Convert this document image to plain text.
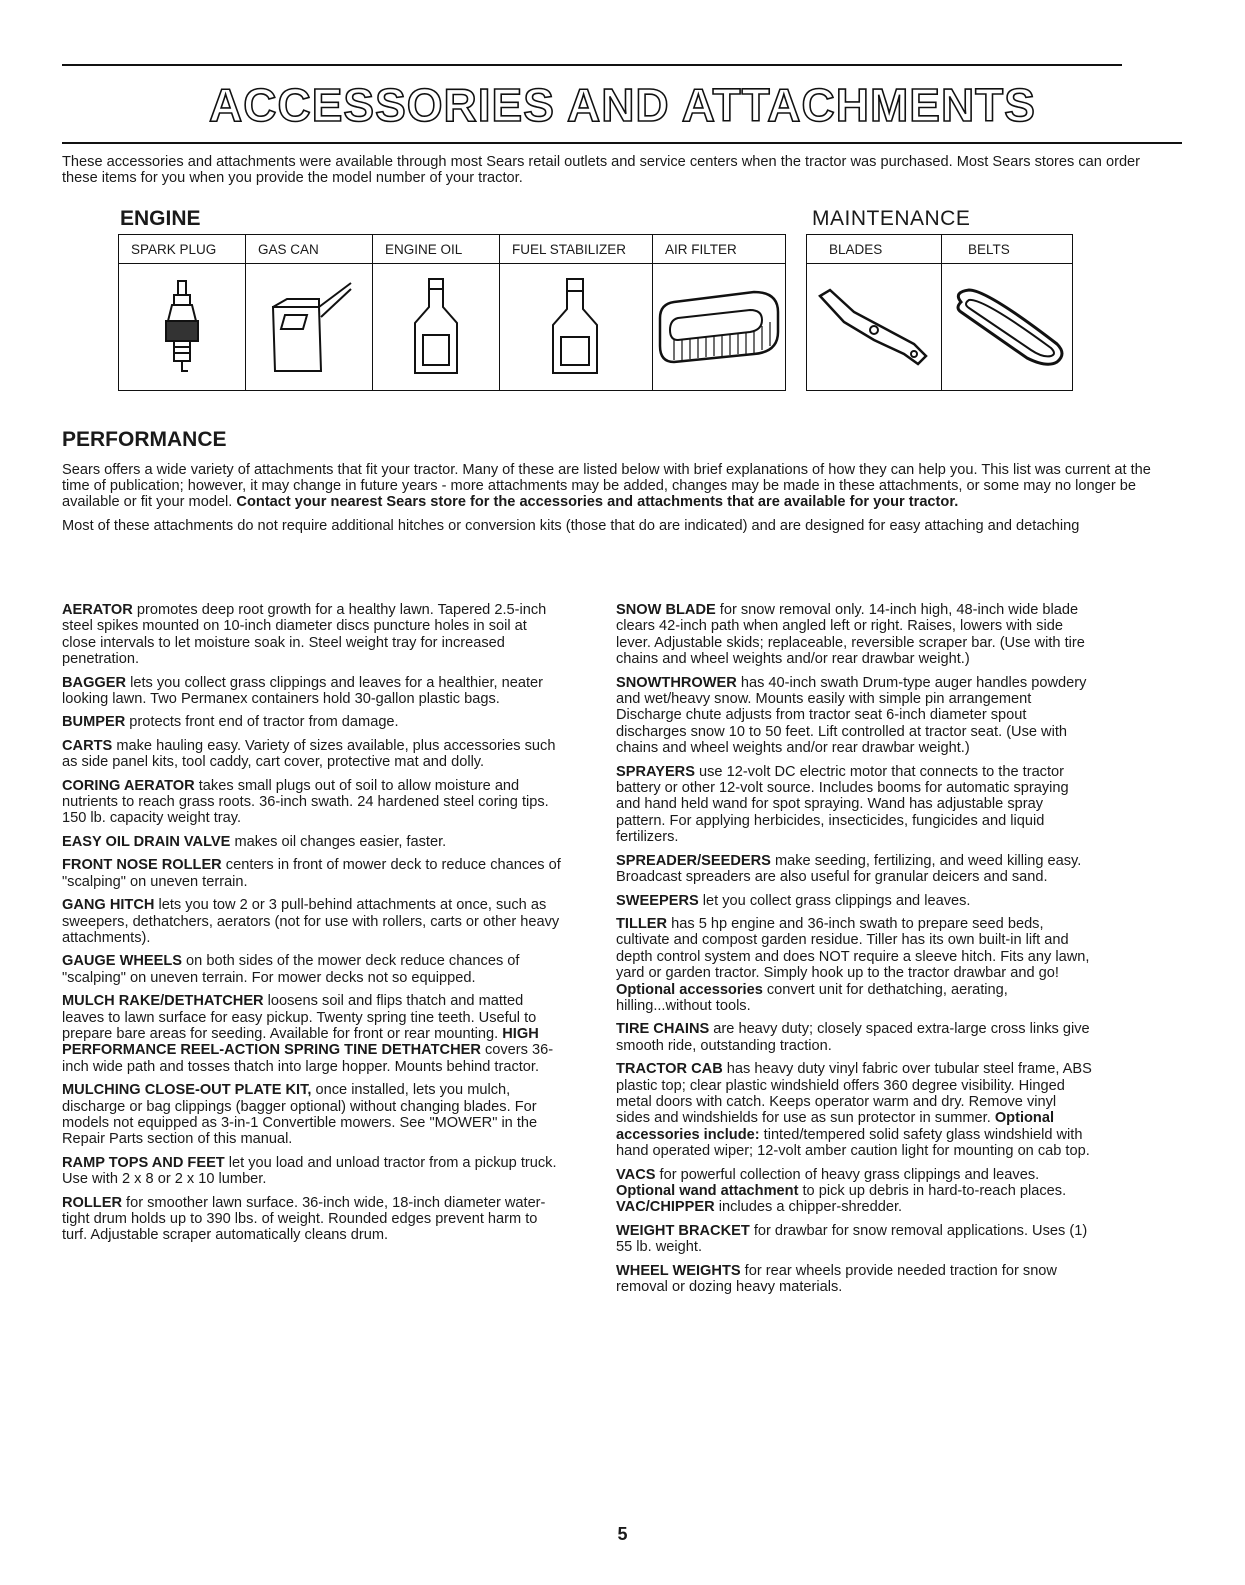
ACCESSORIES AND ATTACHMENTS
These accessories and attachments were available through most Sears retail outlets and service centers when the tractor was purchased. Most Sears stores can order these items for you when you provide the model number of your tractor.
ENGINE	MAINTENANCE
SPARK PLUG	GAS CAN	ENGINE OIL	FUEL STABILIZER	AIR FILTER

		BLADES	BELTS

PERFORMANCE

Sears offers a wide variety of attachments that fit your tractor. Many of these are listed below with brief explanations of how they can help you. This list was current at the time of publication; however, it may change in future years - more attachments may be added, changes may be made in these attachments, or some may no longer be available or fit your model. Contact your nearest Sears store for the accessories and attachments that are available for your tractor.

Most of these attachments do not require additional hitches or conversion kits (those that do are indicated) and are designed for easy attaching and detaching

AERATOR promotes deep root growth for a healthy lawn. Tapered 2.5-inch steel spikes mounted on 10-inch diameter discs puncture holes in soil at close intervals to let moisture soak in. Steel weight tray for increased penetration.

BAGGER lets you collect grass clippings and leaves for a healthier, neater looking lawn. Two Permanex containers hold 30-gallon plastic bags.

BUMPER protects front end of tractor from damage.

CARTS make hauling easy. Variety of sizes available, plus accessories such as side panel kits, tool caddy, cart cover, protective mat and dolly.

CORING AERATOR takes small plugs out of soil to allow moisture and nutrients to reach grass roots. 36-inch swath. 24 hardened steel coring tips. 150 lb. capacity weight tray.

EASY OIL DRAIN VALVE makes oil changes easier, faster.

FRONT NOSE ROLLER centers in front of mower deck to reduce chances of "scalping" on uneven terrain.

GANG HITCH lets you tow 2 or 3 pull-behind attachments at once, such as sweepers, dethatchers, aerators (not for use with rollers, carts or other heavy attachments).

GAUGE WHEELS on both sides of the mower deck reduce chances of "scalping" on uneven terrain. For mower decks not so equipped.

MULCH RAKE/DETHATCHER loosens soil and flips thatch and matted leaves to lawn surface for easy pickup. Twenty spring tine teeth. Useful to prepare bare areas for seeding. Available for front or rear mounting. HIGH PERFORMANCE REEL-ACTION SPRING TINE DETHATCHER covers 36-inch wide path and tosses thatch into large hopper. Mounts behind tractor.

MULCHING CLOSE-OUT PLATE KIT, once installed, lets you mulch, discharge or bag clippings (bagger optional) without changing blades. For models not equipped as 3-in-1 Convertible mowers. See "MOWER" in the Repair Parts section of this manual.

RAMP TOPS AND FEET let you load and unload tractor from a pickup truck. Use with 2 x 8 or 2 x 10 lumber.

ROLLER for smoother lawn surface. 36-inch wide, 18-inch diameter water-tight drum holds up to 390 lbs. of weight. Rounded edges prevent harm to turf. Adjustable scraper automatically cleans drum.

SNOW BLADE for snow removal only. 14-inch high, 48-inch wide blade clears 42-inch path when angled left or right. Raises, lowers with side lever. Adjustable skids; replaceable, reversible scraper bar. (Use with tire chains and wheel weights and/or rear drawbar weight.)

SNOWTHROWER has 40-inch swath Drum-type auger handles powdery and wet/heavy snow. Mounts easily with simple pin arrangement Discharge chute adjusts from tractor seat 6-inch diameter spout discharges snow 10 to 50 feet. Lift controlled at tractor seat. (Use with chains and wheel weights and/or rear drawbar weight.)

SPRAYERS use 12-volt DC electric motor that connects to the tractor battery or other 12-volt source. Includes booms for automatic spraying and hand held wand for spot spraying. Wand has adjustable spray pattern. For applying herbicides, insecticides, fungicides and liquid fertilizers.

SPREADER/SEEDERS make seeding, fertilizing, and weed killing easy. Broadcast spreaders are also useful for granular deicers and sand.

SWEEPERS let you collect grass clippings and leaves.

TILLER has 5 hp engine and 36-inch swath to prepare seed beds, cultivate and compost garden residue. Tiller has its own built-in lift and depth control system and does NOT require a sleeve hitch. Fits any lawn, yard or garden tractor. Simply hook up to the tractor drawbar and go! Optional accessories convert unit for dethatching, aerating, hilling...without tools.

TIRE CHAINS are heavy duty; closely spaced extra-large cross links give smooth ride, outstanding traction.

TRACTOR CAB has heavy duty vinyl fabric over tubular steel frame, ABS plastic top; clear plastic windshield offers 360 degree visibility. Hinged metal doors with catch. Keeps operator warm and dry. Remove vinyl sides and windshields for use as sun protector in summer. Optional accessories include: tinted/tempered solid safety glass windshield with hand operated wiper; 12-volt amber caution light for mounting on cab top.

VACS for powerful collection of heavy grass clippings and leaves. Optional wand attachment to pick up debris in hard-to-reach places. VAC/CHIPPER includes a chipper-shredder.

WEIGHT BRACKET for drawbar for snow removal applications. Uses (1) 55 lb. weight.

WHEEL WEIGHTS for rear wheels provide needed traction for snow removal or dozing heavy materials.

5
